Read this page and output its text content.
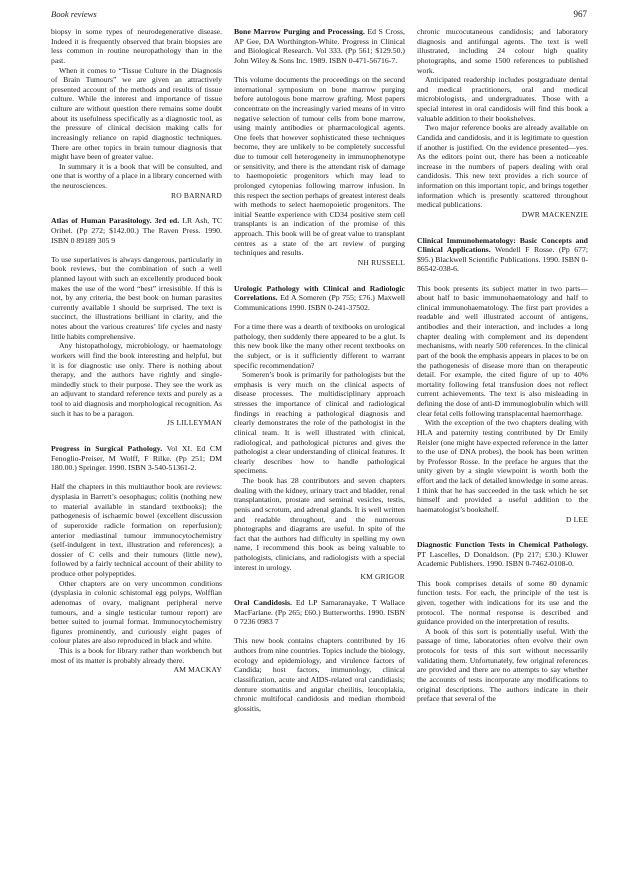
Book reviews	967

biopsy in some types of neurodegenerative disease. Indeed it is frequently observed that brain biopsies are less common in routine neuropathology than in the past.

When it comes to “Tissue Culture in the Diagnosis of Brain Tumours” we are given an attractively presented account of the methods and results of tissue culture. While the interest and importance of tissue culture are without question there remains some doubt about its usefulness specifically as a diagnostic tool, as the pressure of clinical decision making calls for increasingly reliance on rapid diagnostic techniques. There are other topics in brain tumour diagnosis that might have been of greater value.

In summary it is a book that will be consulted, and one that is worthy of a place in a library concerned with the neurosciences.

RO BARNARD
Atlas of Human Parasitology. 3rd ed. LR Ash, TC Orihel. (Pp 272; $142.00.) The Raven Press. 1990. ISBN 0 89189 305 9

To use superlatives is always dangerous, particularly in book reviews, but the combination of such a well planned layout with such an excellently produced book makes the use of the word “best” irresistible. If this is not, by any criteria, the best book on human parasites currently available I should be surprised. The text is succinct, the illustrations brilliant in clarity, and the notes about the various creatures’ life cycles and nasty little habits comprehensive.

Any histopathology, microbiology, or haematology workers will find the book interesting and helpful, but it is for diagnostic use only. There is nothing about therapy, and the authors have rightly and single-mindedly stuck to their purpose. They see the work as an adjuvant to standard reference texts and purely as a tool to aid diagnosis and morphological recognition. As such it has to be a paragon.

JS LILLEYMAN
Progress in Surgical Pathology. Vol XI. Ed CM Fenoglio-Preiser, M Wolff, F Rilke. (Pp 251; DM 180.00.) Springer. 1990. ISBN 3-540-51361-2.

Half the chapters in this multiauthor book are reviews: dysplasia in Barrett’s oesophagus; colitis (nothing new to material available in standard textbooks); the pathogenesis of ischaemic bowel (excellent discussion of superoxide radicle formation on reperfusion); anterior mediastinal tumour immunocytochemistry (self-indulgent in text, illustration and references); a dossier of C cells and their tumours (little new), followed by a fairly technical account of their ability to produce other polypeptides.

Other chapters are on very uncommon conditions (dysplasia in colonic schistomal egg polyps, Wolffian adenomas of ovary, malignant peripheral nerve tumours, and a single testicular tumour report) are better suited to journal format. Immunocytochemistry figures prominently, and curiously eight pages of colour plates are also reproduced in black and white.

This is a book for library rather than workbench but most of its matter is probably already there.

AM MACKAY
Bone Marrow Purging and Processing. Ed S Cross, AP Gee, DA Worthington-White. Progress in Clinical and Biological Research. Vol 333. (Pp 561; $129.50.) John Wiley & Sons Inc. 1989. ISBN 0-471-56716-7.

This volume documents the proceedings on the second international symposium on bone marrow purging before autologous bone marrow grafting. Most papers concentrate on the increasingly varied means of in vitro negative selection of tumour cells from bone marrow, using mainly antibodies or pharmacological agents. One feels that however sophisticated these techniques become, they are unlikely to be completely successful due to tumour cell heterogeneity in immunophenotype or sensitivity, and there is the attendant risk of damage to haemopoietic progenitors which may lead to prolonged cytopenias following marrow infusion. In this respect the section perhaps of greatest interest deals with methods to select haemopoietic progenitors. The initial Seattle experience with CD34 positive stem cell transplants is an indication of the promise of this approach. This book will be of great value to transplant centres as a state of the art review of purging techniques and results.

NH RUSSELL
Urologic Pathology with Clinical and Radiologic Correlations. Ed A Someren (Pp 755; £76.) Maxwell Communications 1990. ISBN 0-241-37502.

For a time there was a dearth of textbooks on urological pathology, then suddenly there appeared to be a glut. Is this new book like the many other recent textbooks on the subject, or is it sufficiently different to warrant specific recommendation?

Someren’s book is primarily for pathologists but the emphasis is very much on the clinical aspects of disease processes. The multidisciplinary approach stresses the importance of clinical and radiological findings in reaching a pathological diagnosis and clearly demonstrates the role of the pathologist in the clinical team. It is well illustrated with clinical, radiological, and pathological pictures and gives the pathologist a clear understanding of clinical features. It clearly describes how to handle pathological specimens.

The book has 28 contributors and seven chapters dealing with the kidney, urinary tract and bladder, renal transplantation, prostate and seminal vesicles, testis, penis and scrotum, and adrenal glands. It is well written and readable throughout, and the numerous photographs and diagrams are useful. In spite of the fact that the authors had difficulty in spelling my own name, I recommend this book as being valuable to pathologists, clinicians, and radiologists with a special interest in urology.

KM GRIGOR
Oral Candidosis. Ed LP Samaranayake, T Wallace MacFarlane. (Pp 265; £60.) Butterworths. 1990. ISBN 0 7236 0983 7

This new book contains chapters contributed by 16 authors from nine countries. Topics include the biology, ecology and epidemiology, and virulence factors of Candida; host factors, immunology, clinical classification, acute and AIDS-related oral candidiasis; denture stomatitis and angular cheilitis, leucoplakia, chronic multifocal candidosis and median rhomboid glossitis,

chronic mucocutaneous candidosis; and laboratory diagnosis and antifungal agents. The text is well illustrated, including 24 colour high quality photographs, and some 1500 references to published work.

Anticipated readership includes postgraduate dental and medical practitioners, oral and medical microbiologists, and undergraduates. Those with a special interest in oral candidosis will find this book a valuable addition to their bookshelves.

Two major reference books are already available on Candida and candidosis, and it is legitimate to question if another is justified. On the evidence presented—yes. As the editors point out, there has been a noticeable increase in the numbers of papers dealing with oral candidosis. This new text provides a rich source of information on this important topic, and brings together information which is presently scattered throughout medical publications.

DWR MACKENZIE
Clinical Immunohematology: Basic Concepts and Clinical Applications. Wendell F Rosse. (Pp 677; $95.) Blackwell Scientific Publications. 1990. ISBN 0-86542-038-6.

This book presents its subject matter in two parts—about half to basic immunohaematology and half to clinical immunohaematology. The first part provides a readable and well illustrated account of antigens, antibodies and their interaction, and includes a long chapter dealing with complement and its dependent mechanisms, with nearly 500 references. In the clinical part of the book the emphasis appears in places to be on the pathogenesis of disease more than on therapeutic detail. For example, the cited figure of up to 40% mortality following fetal transfusion does not reflect current achievements. The text is also misleading in defining the dose of anti-D immunoglobulin which will clear fetal cells following transplacental haemorrhage.

With the exception of the two chapters dealing with HLA and paternity testing contributed by Dr Emily Reisler (one might have expected reference in the latter to the use of DNA probes), the book has been written by Professor Rosse. In the preface he argues that the unity given by a single viewpoint is worth both the effort and the lack of detailed knowledge in some areas. I think that he has succeeded in the task which he set himself and provided a useful addition to the haematologist’s bookshelf.

D LEE
Diagnostic Function Tests in Chemical Pathology. PT Lascelles, D Donaldson. (Pp 217; £30.) Kluwer Academic Publishers. 1990. ISBN 0-7462-0108-0.

This book comprises details of some 80 dynamic function tests. For each, the principle of the test is given, together with indications for its use and the protocol. The normal response is described and guidance provided on the interpretation of results.

A book of this sort is potentially useful. With the passage of time, laboratories often evolve their own protocols for tests of this sort without necessarily validating them. Unfortunately, few original references are provided and there are no attempts to say whether the accounts of tests incorporate any modifications to original descriptions. The authors indicate in their preface that several of the
